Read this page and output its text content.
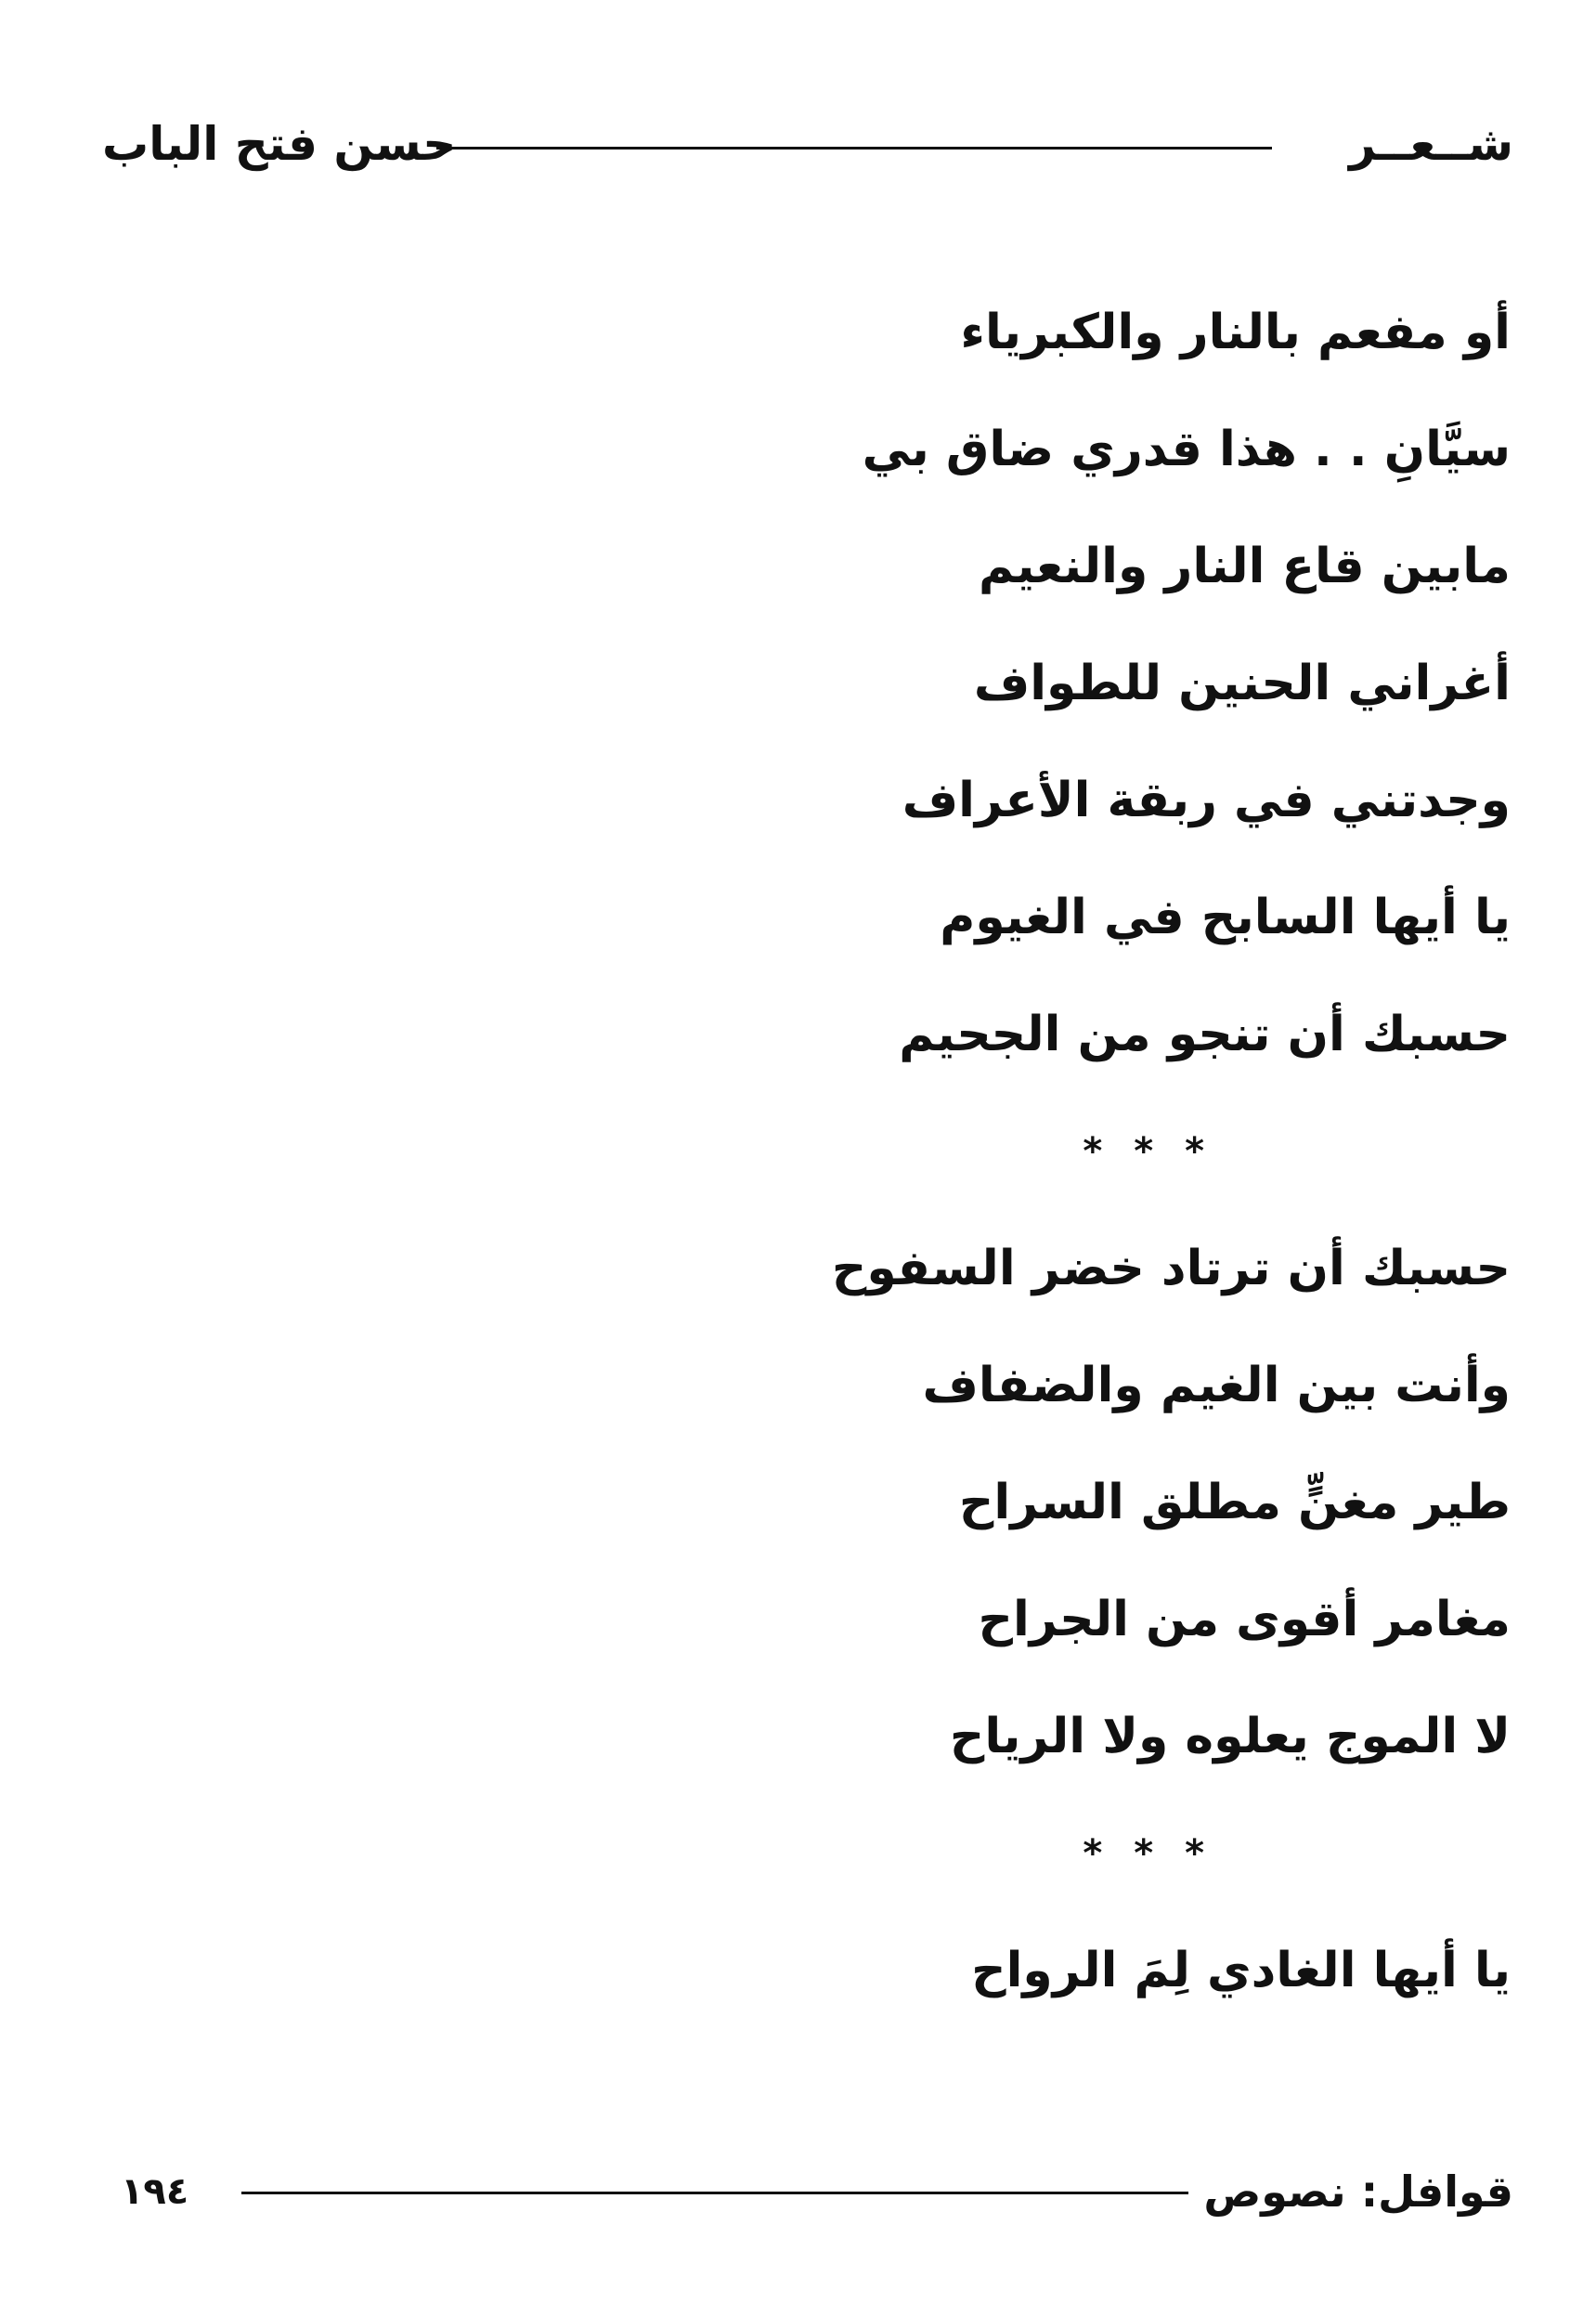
شــعــر
حسن فتح الباب
أو مفعم بالنار والكبرياء
سيَّانِ . . هذا قدري ضاق بي
مابين قاع النار والنعيم
أغراني الحنين للطواف
وجدتني في ربقة الأعراف
يا أيها السابح في الغيوم
حسبك أن تنجو من الجحيم
* * *
حسبك أن ترتاد خضر السفوح
وأنت بين الغيم والضفاف
طير مغنٍّ مطلق السراح
مغامر أقوى من الجراح
لا الموج يعلوه ولا الرياح
* * *
يا أيها الغادي لِمَ الرواح
قوافل: نصوص
١٩٤
